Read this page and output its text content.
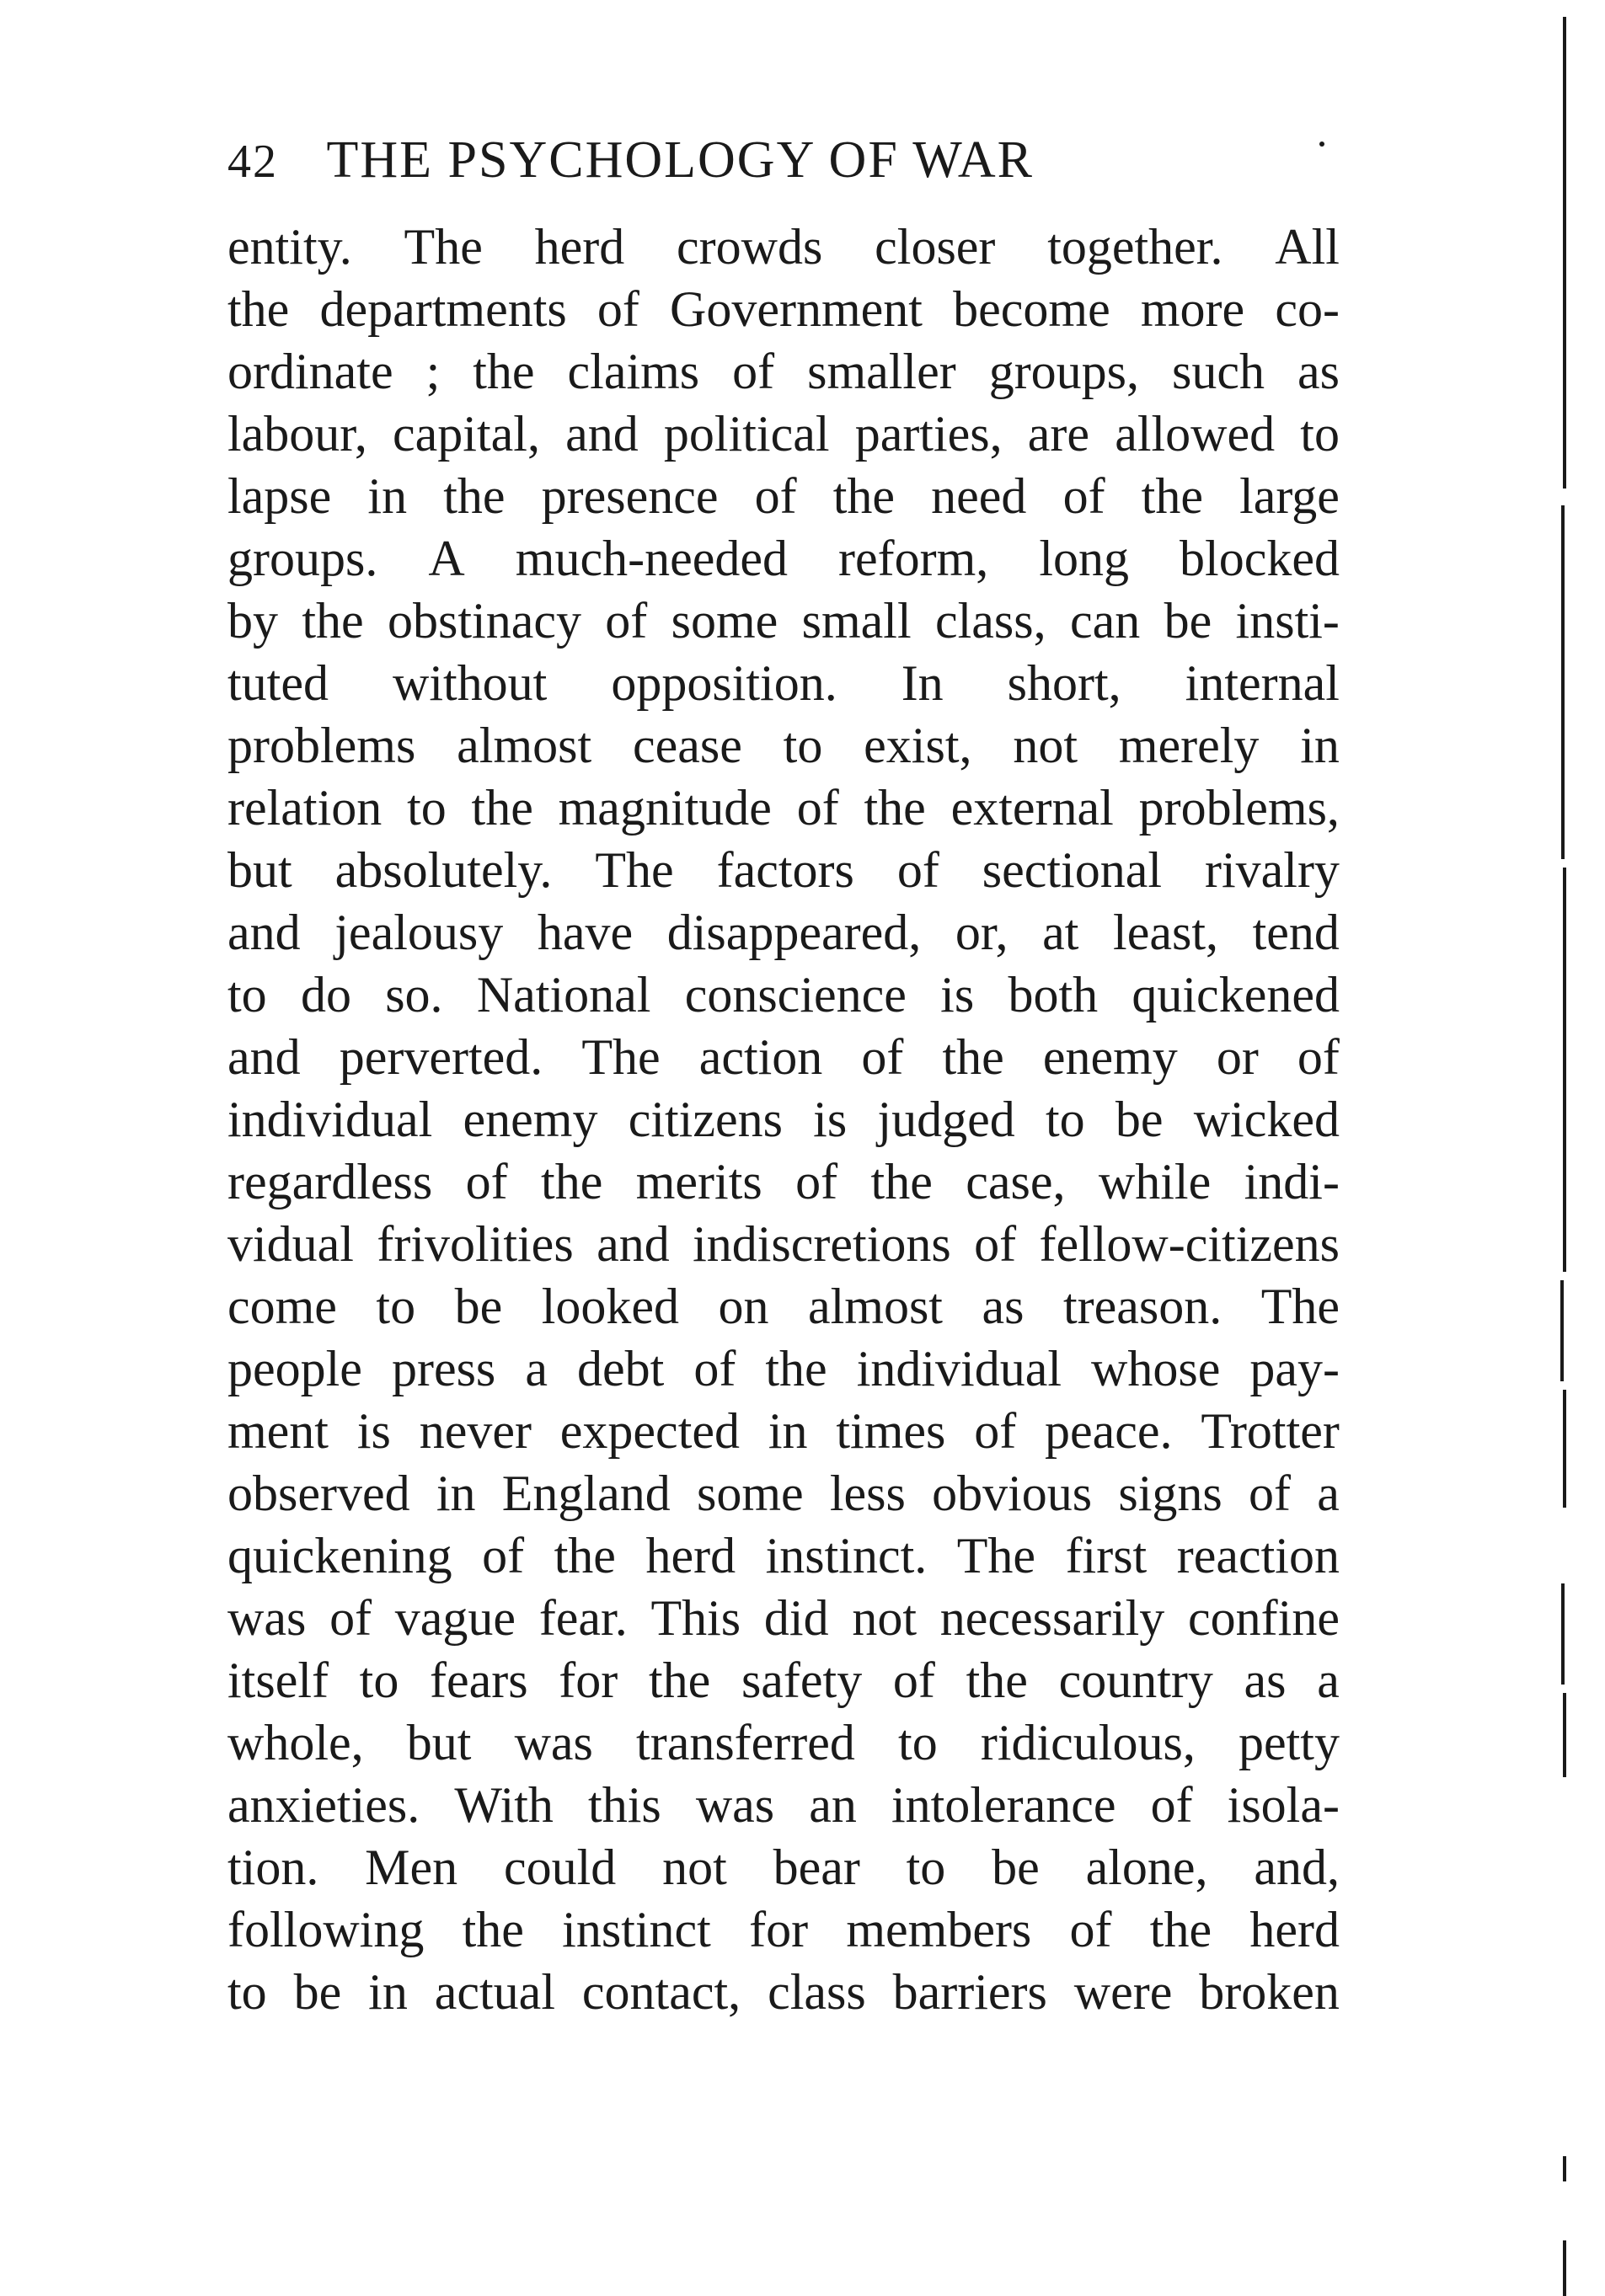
42 THE PSYCHOLOGY OF WAR
entity. The herd crowds closer together. All
the departments of Government become more co-
ordinate ; the claims of smaller groups, such as
labour, capital, and political parties, are allowed to
lapse in the presence of the need of the large
groups. A much-needed reform, long blocked
by the obstinacy of some small class, can be insti-
tuted without opposition. In short, internal
problems almost cease to exist, not merely in
relation to the magnitude of the external problems,
but absolutely. The factors of sectional rivalry
and jealousy have disappeared, or, at least, tend
to do so. National conscience is both quickened
and perverted. The action of the enemy or of
individual enemy citizens is judged to be wicked
regardless of the merits of the case, while indi-
vidual frivolities and indiscretions of fellow-citizens
come to be looked on almost as treason. The
people press a debt of the individual whose pay-
ment is never expected in times of peace. Trotter
observed in England some less obvious signs of a
quickening of the herd instinct. The first reaction
was of vague fear. This did not necessarily confine
itself to fears for the safety of the country as a
whole, but was transferred to ridiculous, petty
anxieties. With this was an intolerance of isola-
tion. Men could not bear to be alone, and,
following the instinct for members of the herd
to be in actual contact, class barriers were broken
